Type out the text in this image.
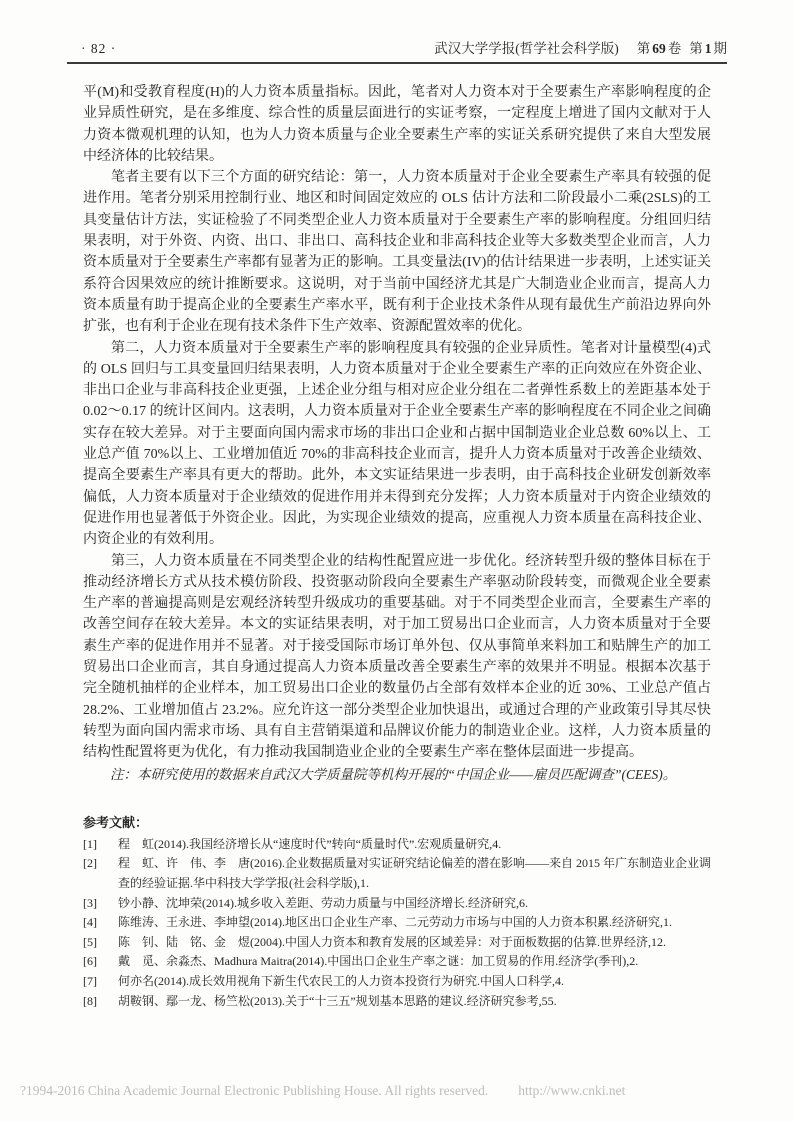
· 82 ·	武汉大学学报(哲学社会科学版) 第 69 卷 第 1 期

平(M)和受教育程度(H)的人力资本质量指标。因此，笔者对人力资本对于全要素生产率影响程度的企业异质性研究，是在多维度、综合性的质量层面进行的实证考察，一定程度上增进了国内文献对于人力资本微观机理的认知，也为人力资本质量与企业全要素生产率的实证关系研究提供了来自大型发展中经济体的比较结果。

笔者主要有以下三个方面的研究结论：第一，人力资本质量对于企业全要素生产率具有较强的促进作用。笔者分别采用控制行业、地区和时间固定效应的 OLS 估计方法和二阶段最小二乘(2SLS)的工具变量估计方法，实证检验了不同类型企业人力资本质量对于全要素生产率的影响程度。分组回归结果表明，对于外资、内资、出口、非出口、高科技企业和非高科技企业等大多数类型企业而言，人力资本质量对于全要素生产率都有显著为正的影响。工具变量法(IV)的估计结果进一步表明，上述实证关系符合因果效应的统计推断要求。这说明，对于当前中国经济尤其是广大制造业企业而言，提高人力资本质量有助于提高企业的全要素生产率水平，既有利于企业技术条件从现有最优生产前沿边界向外扩张，也有利于企业在现有技术条件下生产效率、资源配置效率的优化。

第二，人力资本质量对于全要素生产率的影响程度具有较强的企业异质性。笔者对计量模型(4)式的 OLS 回归与工具变量回归结果表明，人力资本质量对于企业全要素生产率的正向效应在外资企业、非出口企业与非高科技企业更强，上述企业分组与相对应企业分组在二者弹性系数上的差距基本处于0.02～0.17 的统计区间内。这表明，人力资本质量对于企业全要素生产率的影响程度在不同企业之间确实存在较大差异。对于主要面向国内需求市场的非出口企业和占据中国制造业企业总数 60%以上、工业总产值 70%以上、工业增加值近 70%的非高科技企业而言，提升人力资本质量对于改善企业绩效、提高全要素生产率具有更大的帮助。此外，本文实证结果进一步表明，由于高科技企业研发创新效率偏低，人力资本质量对于企业绩效的促进作用并未得到充分发挥；人力资本质量对于内资企业绩效的促进作用也显著低于外资企业。因此，为实现企业绩效的提高，应重视人力资本质量在高科技企业、内资企业的有效利用。

第三，人力资本质量在不同类型企业的结构性配置应进一步优化。经济转型升级的整体目标在于推动经济增长方式从技术模仿阶段、投资驱动阶段向全要素生产率驱动阶段转变，而微观企业全要素生产率的普遍提高则是宏观经济转型升级成功的重要基础。对于不同类型企业而言，全要素生产率的改善空间存在较大差异。本文的实证结果表明，对于加工贸易出口企业而言，人力资本质量对于全要素生产率的促进作用并不显著。对于接受国际市场订单外包、仅从事简单来料加工和贴牌生产的加工贸易出口企业而言，其自身通过提高人力资本质量改善全要素生产率的效果并不明显。根据本次基于完全随机抽样的企业样本，加工贸易出口企业的数量仍占全部有效样本企业的近 30%、工业总产值占 28.2%、工业增加值占 23.2%。应允许这一部分类型企业加快退出，或通过合理的产业政策引导其尽快转型为面向国内需求市场、具有自主营销渠道和品牌议价能力的制造业企业。这样，人力资本质量的结构性配置将更为优化，有力推动我国制造业企业的全要素生产率在整体层面进一步提高。

注：本研究使用的数据来自武汉大学质量院等机构开展的“中国企业——雇员匹配调查”(CEES)。

参考文献：
[1]	程　虹(2014).我国经济增长从“速度时代”转向“质量时代”.宏观质量研究,4.
[2]	程　虹、许　伟、李　唐(2016).企业数据质量对实证研究结论偏差的潜在影响——来自 2015 年广东制造业企业调查的经验证据.华中科技大学学报(社会科学版),1.
[3]	钞小静、沈坤荣(2014).城乡收入差距、劳动力质量与中国经济增长.经济研究,6.
[4]	陈维涛、王永进、李坤望(2014).地区出口企业生产率、二元劳动力市场与中国的人力资本积累.经济研究,1.
[5]	陈　钊、陆　铭、金　煜(2004).中国人力资本和教育发展的区域差异：对于面板数据的估算.世界经济,12.
[6]	戴　觅、余淼杰、Madhura Maitra(2014).中国出口企业生产率之谜：加工贸易的作用.经济学(季刊),2.
[7]	何亦名(2014).成长效用视角下新生代农民工的人力资本投资行为研究.中国人口科学,4.
[8]	胡鞍钢、鄢一龙、杨竺松(2013).关于“十三五”规划基本思路的建议.经济研究参考,55.
?1994-2016 China Academic Journal Electronic Publishing House. All rights reserved. http://www.cnki.net
